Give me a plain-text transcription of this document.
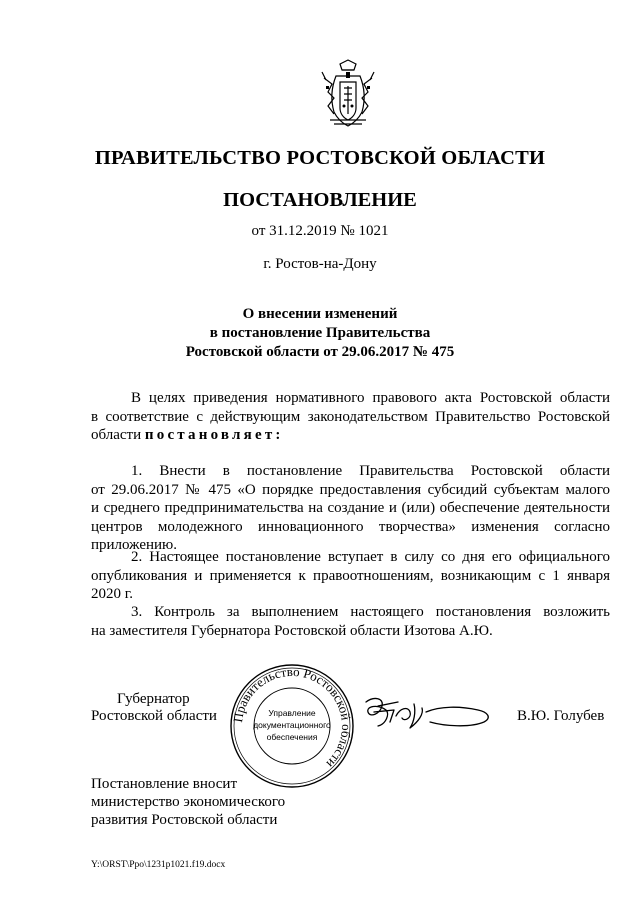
ПРАВИТЕЛЬСТВО РОСТОВСКОЙ ОБЛАСТИ
ПОСТАНОВЛЕНИЕ
от 31.12.2019 № 1021
г. Ростов-на-Дону
О внесении изменений
в постановление Правительства
Ростовской области от 29.06.2017 № 475
В целях приведения нормативного правового акта Ростовской области
в соответствие с действующим законодательством Правительство Ростовской
области постановляет:
1. Внести в постановление Правительства Ростовской области
от 29.06.2017 № 475 «О порядке предоставления субсидий субъектам малого
и среднего предпринимательства на создание и (или) обеспечение деятельности
центров молодежного инновационного творчества» изменения согласно
приложению.
2. Настоящее постановление вступает в силу со дня его официального
опубликования и применяется к правоотношениям, возникающим с 1 января
2020 г.
3. Контроль за выполнением настоящего постановления возложить
на заместителя Губернатора Ростовской области Изотова А.Ю.
Губернатор
Ростовской области Правительство Ростовской области
Управление
документационного
обеспечения
В.Ю. Голубев
Постановление вносит
министерство экономического
развития Ростовской области
Y:\ORST\Ppo\1231p1021.f19.docx
